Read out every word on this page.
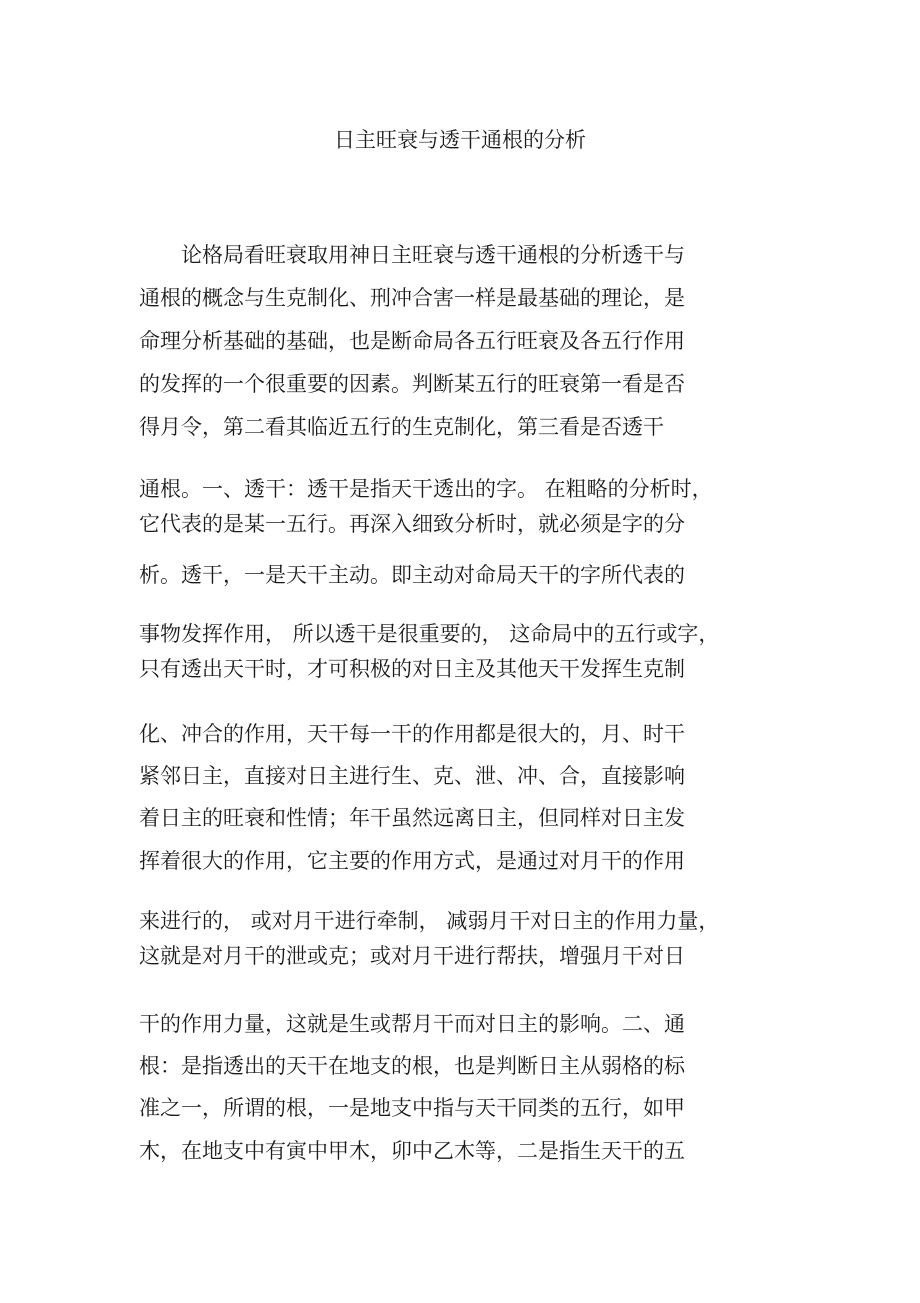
日主旺衰与透干通根的分析
论格局看旺衰取用神日主旺衰与透干通根的分析透干与
通根的概念与生克制化、刑冲合害一样是最基础的理论，是
命理分析基础的基础，也是断命局各五行旺衰及各五行作用
的发挥的一个很重要的因素。判断某五行的旺衰第一看是否
得月令，第二看其临近五行的生克制化，第三看是否透干
通根。一、透干：透干是指天干透出的字。 在粗略的分析时，
它代表的是某一五行。再深入细致分析时，就必须是字的分
析。透干，一是天干主动。即主动对命局天干的字所代表的
事物发挥作用， 所以透干是很重要的， 这命局中的五行或字，
只有透出天干时，才可积极的对日主及其他天干发挥生克制
化、冲合的作用，天干每一干的作用都是很大的，月、时干
紧邻日主，直接对日主进行生、克、泄、冲、合，直接影响
着日主的旺衰和性情；年干虽然远离日主，但同样对日主发
挥着很大的作用，它主要的作用方式，是通过对月干的作用
来进行的， 或对月干进行牵制， 减弱月干对日主的作用力量，
这就是对月干的泄或克；或对月干进行帮扶，增强月干对日
干的作用力量，这就是生或帮月干而对日主的影响。二、通
根：是指透出的天干在地支的根，也是判断日主从弱格的标
准之一，所谓的根，一是地支中指与天干同类的五行，如甲
木，在地支中有寅中甲木，卯中乙木等，二是指生天干的五
